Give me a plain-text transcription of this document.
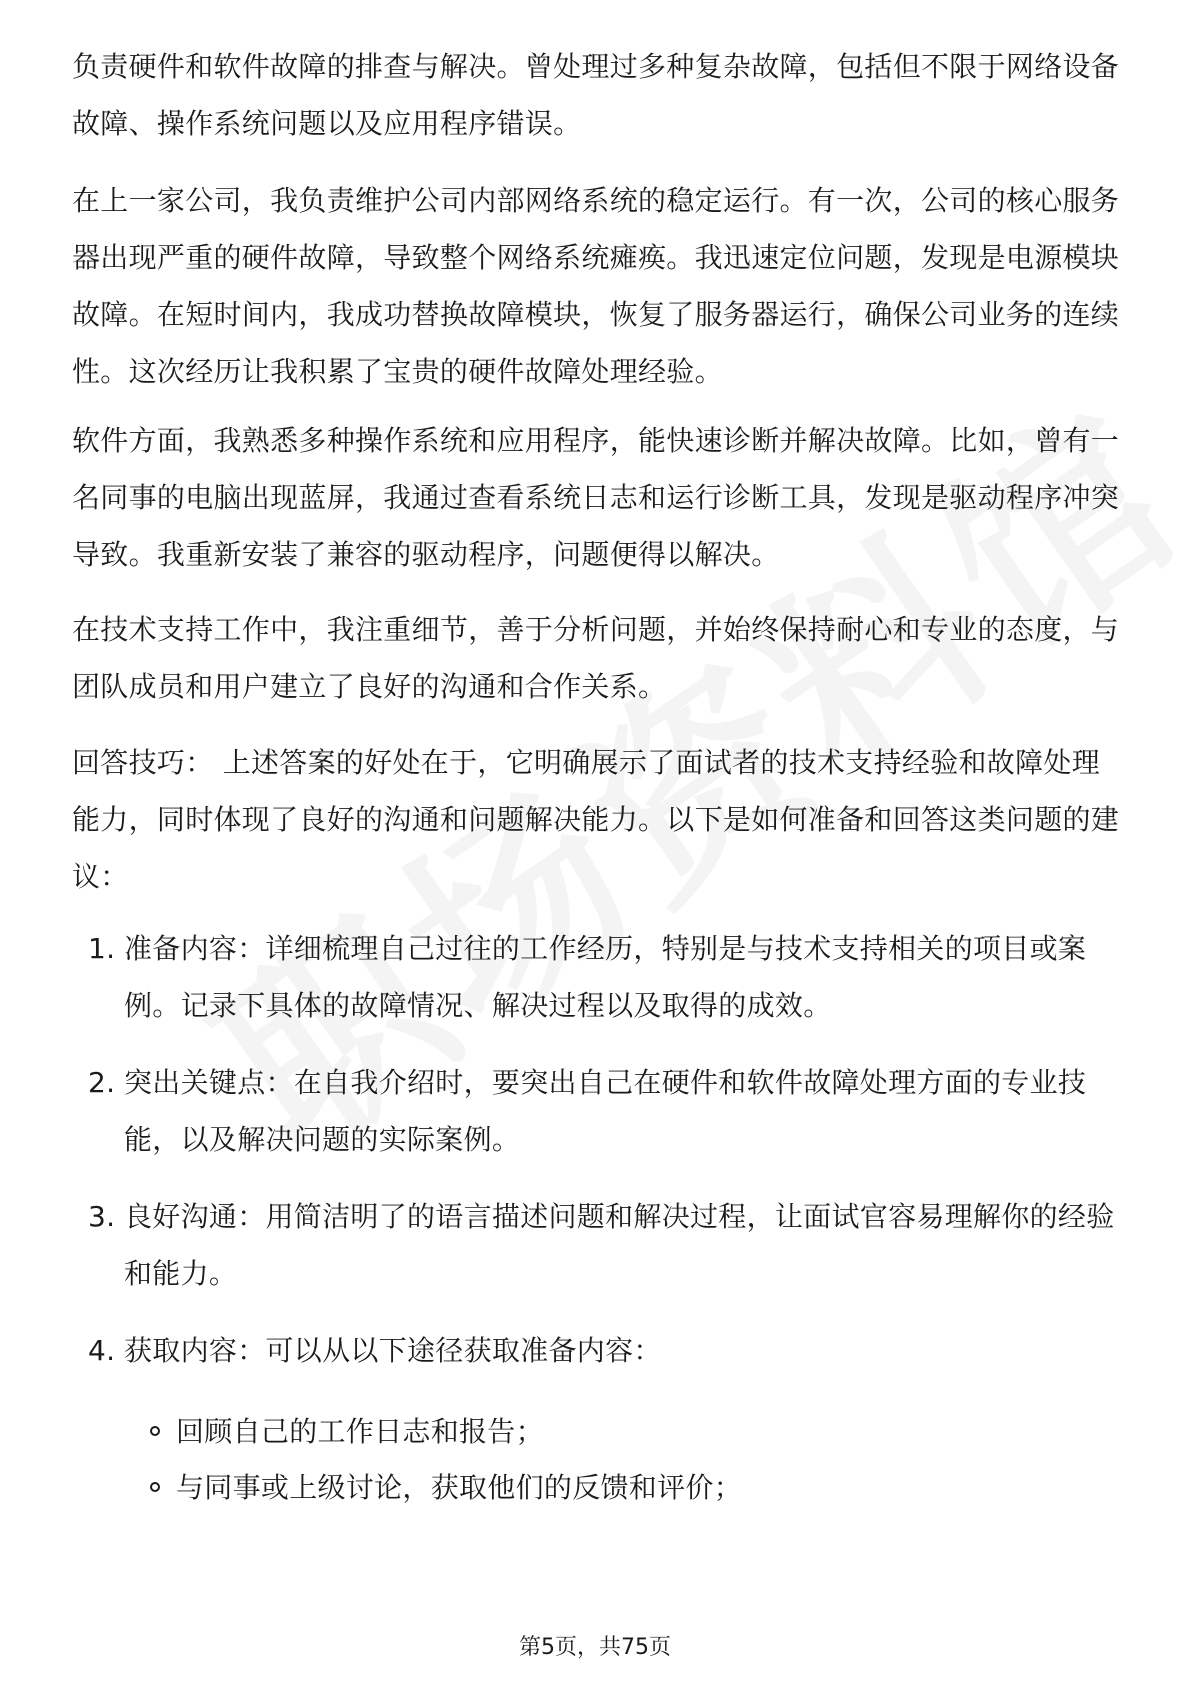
负责硬件和软件故障的排查与解决。曾处理过多种复杂故障，包括但不限于网络设备故障、操作系统问题以及应用程序错误。

在上一家公司，我负责维护公司内部网络系统的稳定运行。有一次，公司的核心服务器出现严重的硬件故障，导致整个网络系统瘫痪。我迅速定位问题，发现是电源模块故障。在短时间内，我成功替换故障模块，恢复了服务器运行，确保公司业务的连续性。这次经历让我积累了宝贵的硬件故障处理经验。

软件方面，我熟悉多种操作系统和应用程序，能快速诊断并解决故障。比如，曾有一名同事的电脑出现蓝屏，我通过查看系统日志和运行诊断工具，发现是驱动程序冲突导致。我重新安装了兼容的驱动程序，问题便得以解决。

在技术支持工作中，我注重细节，善于分析问题，并始终保持耐心和专业的态度，与团队成员和用户建立了良好的沟通和合作关系。

回答技巧： 上述答案的好处在于，它明确展示了面试者的技术支持经验和故障处理能力，同时体现了良好的沟通和问题解决能力。以下是如何准备和回答这类问题的建议：

1. 准备内容：详细梳理自己过往的工作经历，特别是与技术支持相关的项目或案例。记录下具体的故障情况、解决过程以及取得的成效。
2. 突出关键点：在自我介绍时，要突出自己在硬件和软件故障处理方面的专业技能，以及解决问题的实际案例。
3. 良好沟通：用简洁明了的语言描述问题和解决过程，让面试官容易理解你的经验和能力。
4. 获取内容：可以从以下途径获取准备内容：
回顾自己的工作日志和报告；
与同事或上级讨论，获取他们的反馈和评价；
第5页，共75页
